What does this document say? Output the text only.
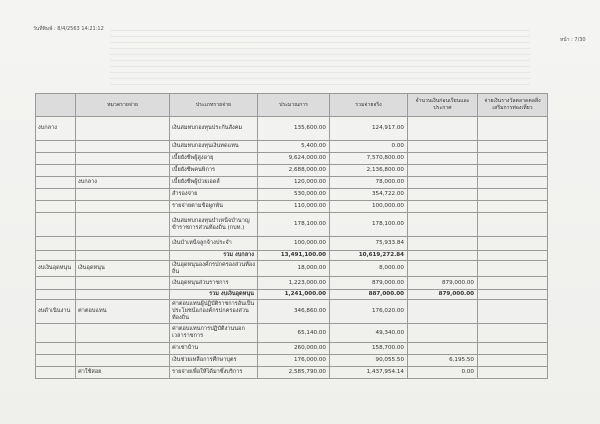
วันที่พิมพ์ : 8/4/2563 14:21:12
หน้า : 7/30
	หมวดรายจ่าย	ประเภทรายจ่าย	ประมาณการ	รวมจ่ายจริง	จำนวนเงินก่อนเรียนและประกาศ	จ่ายเงินรางวัลตลาดตลสิ่ง เสริมการท่องเที่ยว
งบกลาง		เงินสมทบกองทุนประกันสังคม	135,600.00	124,917.00		
		เงินสมทบกองทุนเงินทดแทน	5,400.00	0.00		
		เบี้ยยังชีพผู้สูงอายุ	9,624,000.00	7,570,800.00		
		เบี้ยยังชีพคนพิการ	2,688,000.00	2,136,800.00		
	งบกลาง	เบี้ยยังชีพผู้ป่วยเอดส์	120,000.00	78,000.00		
		สำรองจ่าย	530,000.00	354,722.00		
		รายจ่ายตามข้อผูกพัน	110,000.00	100,000.00		
		เงินสมทบกองทุนบำเหน็จบำนาญข้าราชการส่วนท้องถิ่น (กบท.)	178,100.00	178,100.00		
		เงินบำเหน็จลูกจ้างประจำ	100,000.00	75,933.84		
		รวม งบกลาง	13,491,100.00	10,619,272.84		
งบเงินอุดหนุน	เงินอุดหนุน	เงินอุดหนุนองค์กรปกครองส่วนท้องถิ่น	18,000.00	8,000.00		
		เงินอุดหนุนส่วนราชการ	1,223,000.00	879,000.00	879,000.00	
		รวม งบเงินอุดหนุน	1,241,000.00	887,000.00	879,000.00	
งบดำเนินงาน	ค่าตอบแทน	ค่าตอบแทนผู้ปฏิบัติราชการอันเป็นประโยชน์แก่องค์กรปกครองส่วนท้องถิ่น	346,860.00	176,020.00		
		ค่าตอบแทนการปฏิบัติงานนอกเวลาราชการ	65,140.00	49,340.00		
		ค่าเช่าบ้าน	260,000.00	158,700.00		
		เงินช่วยเหลือการศึกษาบุตร	176,000.00	90,055.50	6,195.50	
	ค่าใช้สอย	รายจ่ายเพื่อให้ได้มาซึ่งบริการ	2,585,790.00	1,437,954.14	0.00	
